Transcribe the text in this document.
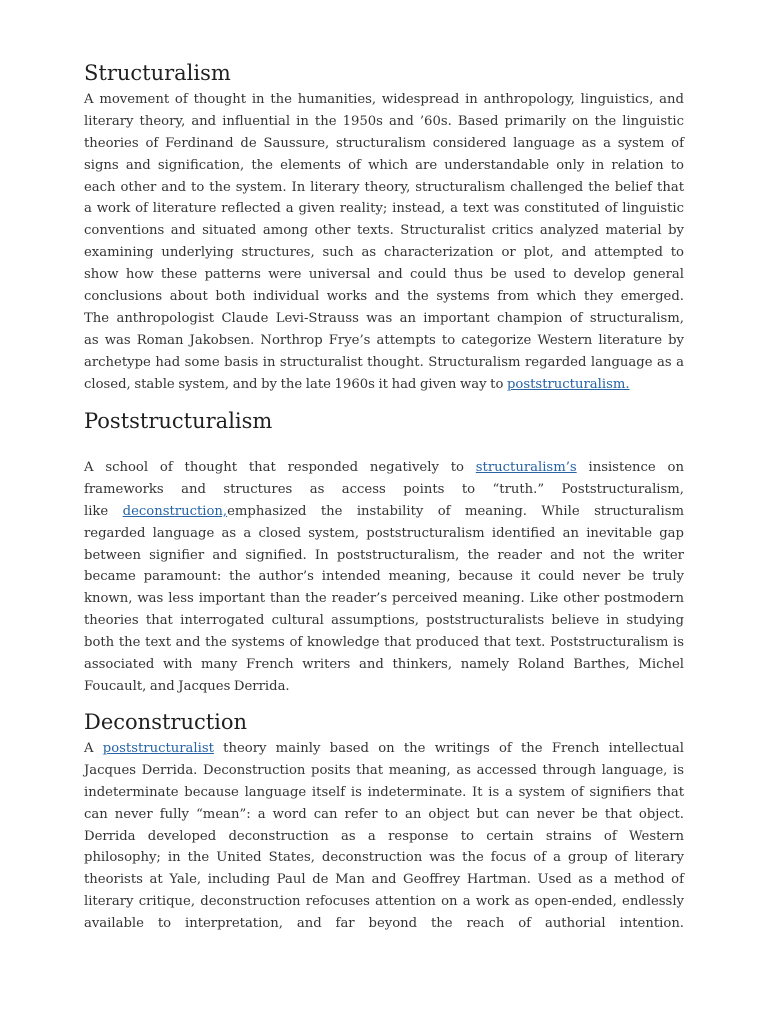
Structuralism
A movement of thought in the humanities, widespread in anthropology, linguistics, and
literary theory, and influential in the 1950s and ’60s. Based primarily on the linguistic
theories of Ferdinand de Saussure, structuralism considered language as a system of
signs and signification, the elements of which are understandable only in relation to
each other and to the system. In literary theory, structuralism challenged the belief that
a work of literature reflected a given reality; instead, a text was constituted of linguistic
conventions and situated among other texts. Structuralist critics analyzed material by
examining underlying structures, such as characterization or plot, and attempted to
show how these patterns were universal and could thus be used to develop general
conclusions about both individual works and the systems from which they emerged.
The anthropologist Claude Levi-Strauss was an important champion of structuralism,
as was Roman Jakobsen. Northrop Frye’s attempts to categorize Western literature by
archetype had some basis in structuralist thought. Structuralism regarded language as a
closed, stable system, and by the late 1960s it had given way to poststructuralism.
Poststructuralism
A school of thought that responded negatively to structuralism’s insistence on
frameworks and structures as access points to “truth.” Poststructuralism,
like deconstruction,emphasized the instability of meaning. While structuralism
regarded language as a closed system, poststructuralism identified an inevitable gap
between signifier and signified. In poststructuralism, the reader and not the writer
became paramount: the author’s intended meaning, because it could never be truly
known, was less important than the reader’s perceived meaning. Like other postmodern
theories that interrogated cultural assumptions, poststructuralists believe in studying
both the text and the systems of knowledge that produced that text. Poststructuralism is
associated with many French writers and thinkers, namely Roland Barthes, Michel
Foucault, and Jacques Derrida.
Deconstruction
A poststructuralist theory mainly based on the writings of the French intellectual
Jacques Derrida. Deconstruction posits that meaning, as accessed through language, is
indeterminate because language itself is indeterminate. It is a system of signifiers that
can never fully “mean”: a word can refer to an object but can never be that object.
Derrida developed deconstruction as a response to certain strains of Western
philosophy; in the United States, deconstruction was the focus of a group of literary
theorists at Yale, including Paul de Man and Geoffrey Hartman. Used as a method of
literary critique, deconstruction refocuses attention on a work as open-ended, endlessly
available to interpretation, and far beyond the reach of authorial intention.
